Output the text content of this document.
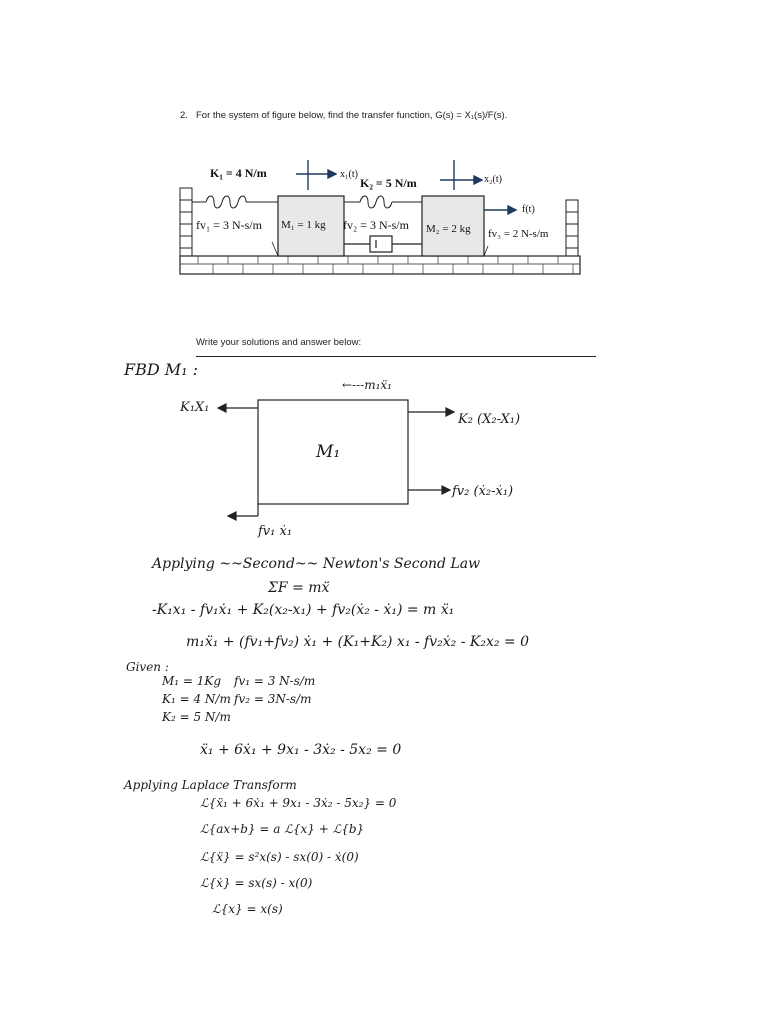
2. For the system of figure below, find the transfer function, G(s) = X₁(s)/F(s).
K₁ = 4 N/m	x₁(t)
K₂ = 5 N/m	x₂(t)
f(t)
fv₁ = 3 N-s/m M₁ = 1 kg fv₂ = 3 N-s/m M₂ = 2 kg fv₃ = 2 N-s/m
Write your solutions and answer below:
FBD M₁ :
←---m₁ẍ₁
K₁X₁
K₂ (X₂-X₁)
M₁
fv₂ (ẋ₂-ẋ₁)
fv₁ ẋ₁
Applying ~~Second~~ Newton's Second Law
ΣF = mẍ
-K₁x₁ - fv₁ẋ₁ + K₂(x₂-x₁) + fv₂(ẋ₂ - ẋ₁) = m ẍ₁
m₁ẍ₁ + (fv₁+fv₂) ẋ₁ + (K₁+K₂) x₁ - fv₂ẋ₂ - K₂x₂ = 0
Given :
M₁ = 1Kg
K₁ = 4 N/m
K₂ = 5 N/m
fv₁ = 3 N-s/m
fv₂ = 3N-s/m
ẍ₁ + 6ẋ₁ + 9x₁ - 3ẋ₂ - 5x₂ = 0
Applying Laplace Transform
ℒ{ẍ₁ + 6ẋ₁ + 9x₁ - 3ẋ₂ - 5x₂} = 0
ℒ{ax+b} = a ℒ{x} + ℒ{b}
ℒ{ẍ} = s²x(s) - sx(0) - ẋ(0)
ℒ{ẋ} = sx(s) - x(0)
ℒ{x} = x(s)
